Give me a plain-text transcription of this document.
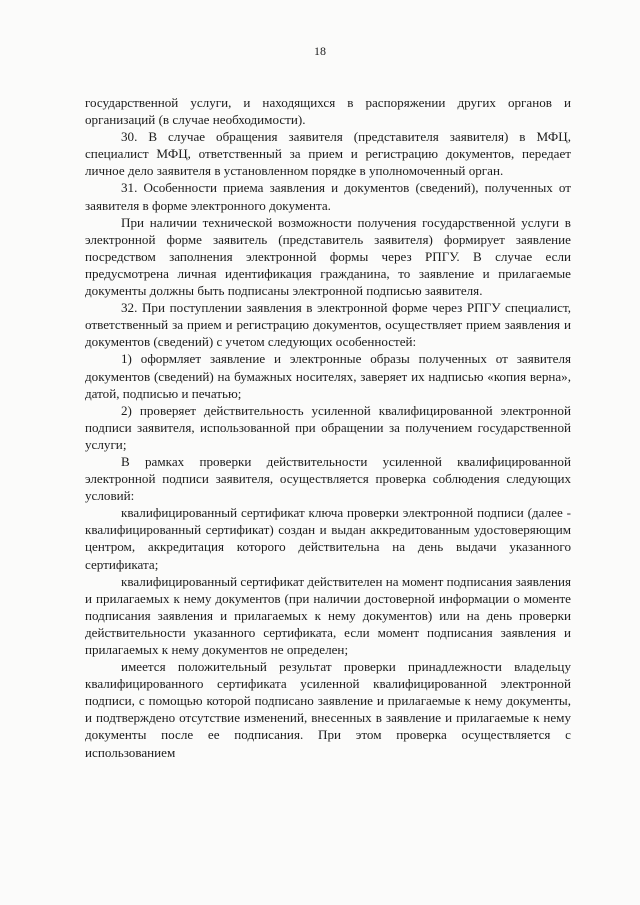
18

государственной услуги, и находящихся в распоряжении других органов и организаций (в случае необходимости).

30. В случае обращения заявителя (представителя заявителя) в МФЦ, специалист МФЦ, ответственный за прием и регистрацию документов, передает личное дело заявителя в установленном порядке в уполномоченный орган.

31. Особенности приема заявления и документов (сведений), полученных от заявителя в форме электронного документа.

При наличии технической возможности получения государственной услуги в электронной форме заявитель (представитель заявителя) формирует заявление посредством заполнения электронной формы через РПГУ. В случае если предусмотрена личная идентификация гражданина, то заявление и прилагаемые документы должны быть подписаны электронной подписью заявителя.

32. При поступлении заявления в электронной форме через РПГУ специалист, ответственный за прием и регистрацию документов, осуществляет прием заявления и документов (сведений) с учетом следующих особенностей:

1) оформляет заявление и электронные образы полученных от заявителя документов (сведений) на бумажных носителях, заверяет их надписью «копия верна», датой, подписью и печатью;

2) проверяет действительность усиленной квалифицированной электронной подписи заявителя, использованной при обращении за получением государственной услуги;

В рамках проверки действительности усиленной квалифицированной электронной подписи заявителя, осуществляется проверка соблюдения следующих условий:

квалифицированный сертификат ключа проверки электронной подписи (далее - квалифицированный сертификат) создан и выдан аккредитованным удостоверяющим центром, аккредитация которого действительна на день выдачи указанного сертификата;

квалифицированный сертификат действителен на момент подписания заявления и прилагаемых к нему документов (при наличии достоверной информации о моменте подписания заявления и прилагаемых к нему документов) или на день проверки действительности указанного сертификата, если момент подписания заявления и прилагаемых к нему документов не определен;

имеется положительный результат проверки принадлежности владельцу квалифицированного сертификата усиленной квалифицированной электронной подписи, с помощью которой подписано заявление и прилагаемые к нему документы, и подтверждено отсутствие изменений, внесенных в заявление и прилагаемые к нему документы после ее подписания. При этом проверка осуществляется с использованием
